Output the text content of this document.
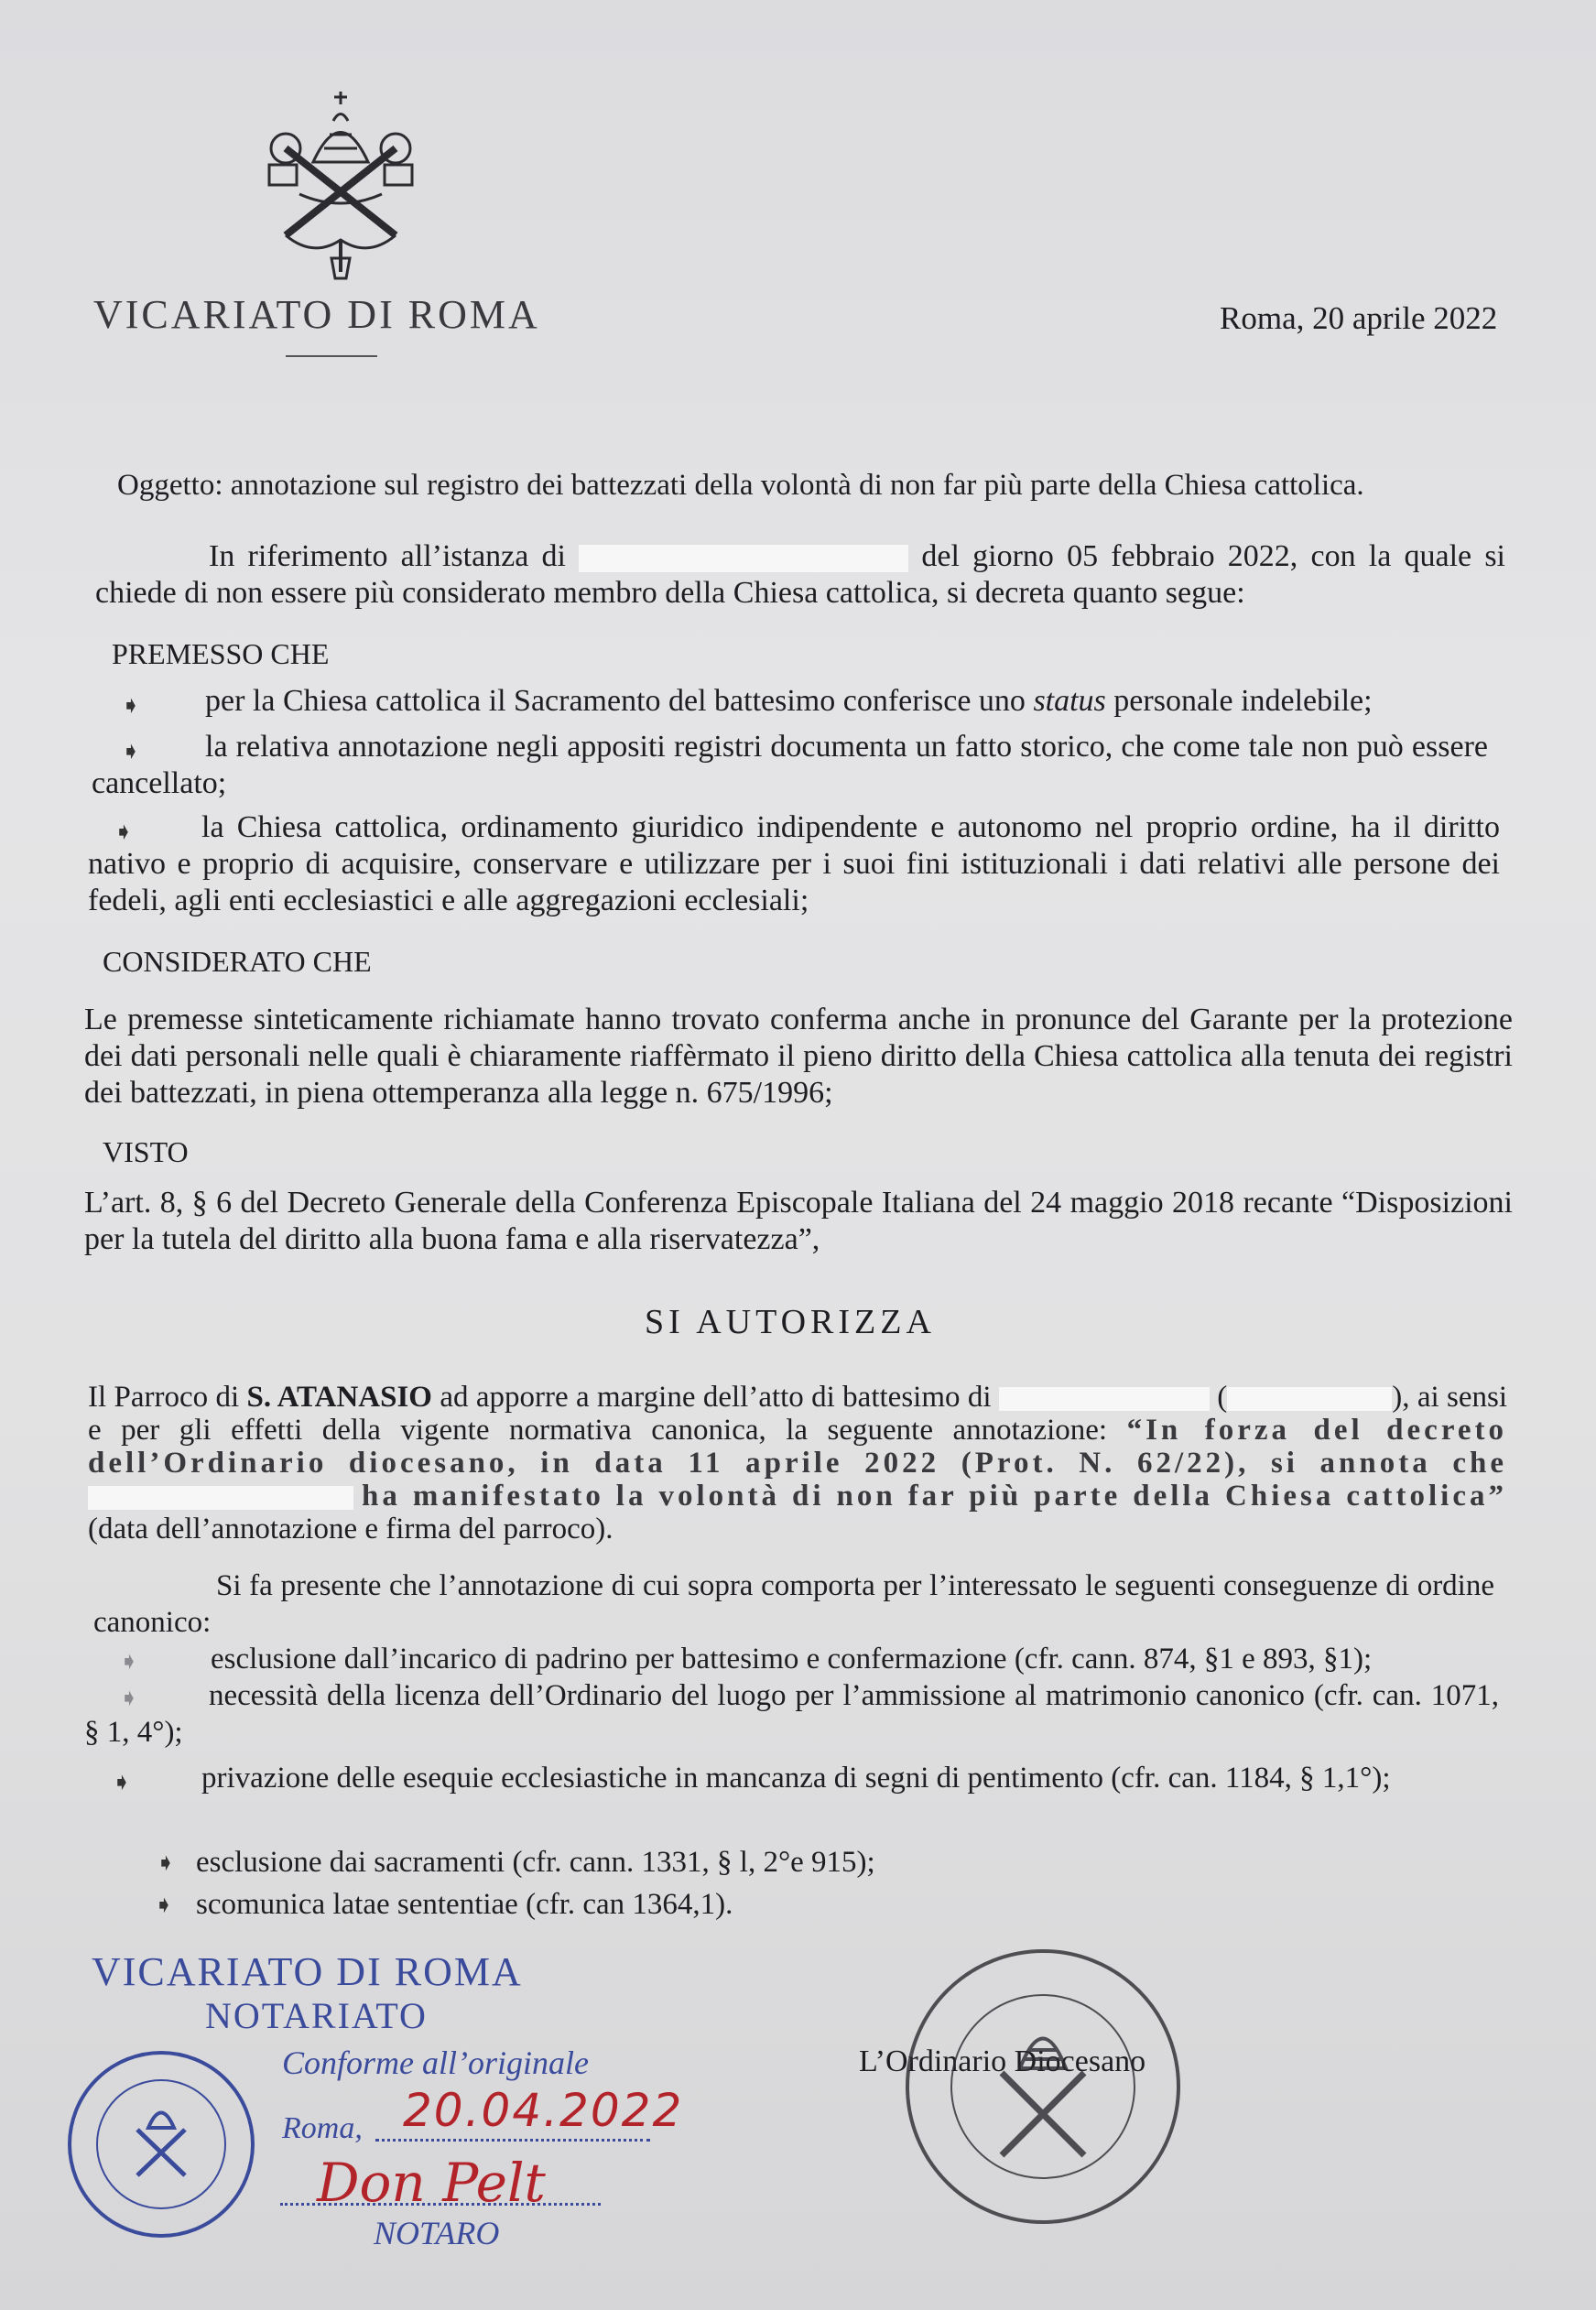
VICARIATO DI ROMA	Roma, 20 aprile 2022
Oggetto: annotazione sul registro dei battezzati della volontà di non far più parte della Chiesa cattolica.
In riferimento all’istanza di	del giorno 05 febbraio 2022, con la quale si chiede di non essere più considerato membro della Chiesa cattolica, si decreta quanto segue:
PREMESSO CHE
➧ per la Chiesa cattolica il Sacramento del battesimo conferisce uno status personale indelebile;
➧	la relativa annotazione negli appositi registri documenta un fatto storico, che come tale non può essere cancellato;
➧	la Chiesa cattolica, ordinamento giuridico indipendente e autonomo nel proprio ordine, ha il diritto nativo e proprio di acquisire, conservare e utilizzare per i suoi fini istituzionali i dati relativi alle persone dei fedeli, agli enti ecclesiastici e alle aggregazioni ecclesiali;
CONSIDERATO CHE
Le premesse sinteticamente richiamate hanno trovato conferma anche in pronunce del Garante per la protezione dei dati personali nelle quali è chiaramente riaffèrmato il pieno diritto della Chiesa cattolica alla tenuta dei registri dei battezzati, in piena ottemperanza alla legge n. 675/1996;
VISTO
L’art. 8, § 6 del Decreto Generale della Conferenza Episcopale Italiana del 24 maggio 2018 recante “Disposizioni per la tutela del diritto alla buona fama e alla riservatezza”,
SI AUTORIZZA
Il Parroco di S. ATANASIO ad apporre a margine dell’atto di battesimo di	(	), ai sensi e per gli effetti della vigente normativa canonica, la seguente annotazione: “In forza del decreto dell’Ordinario diocesano, in data 11 aprile 2022 (Prot. N. 62/22), si annota che  ha manifestato la volontà di non far più parte della Chiesa cattolica” (data dell’annotazione e firma del parroco).
Si fa presente che l’annotazione di cui sopra comporta per l’interessato le seguenti conseguenze di ordine canonico:
➧ esclusione dall’incarico di padrino per battesimo e confermazione (cfr. cann. 874, §1 e 893, §1);
➧	necessità della licenza dell’Ordinario del luogo per l’ammissione al matrimonio canonico (cfr. can. 1071, § 1, 4°);
➧	privazione delle esequie ecclesiastiche in mancanza di segni di pentimento (cfr. can. 1184, § 1,1°);
➧ esclusione dai sacramenti (cfr. cann. 1331, § l, 2°e 915);
➧ scomunica latae sententiae (cfr. can 1364,1).
VICARIATO DI ROMA
NOTARIATO
Conforme all’originale
Roma, 20.04.2022
Don Pelt
NOTARO
L’Ordinario Diocesano
